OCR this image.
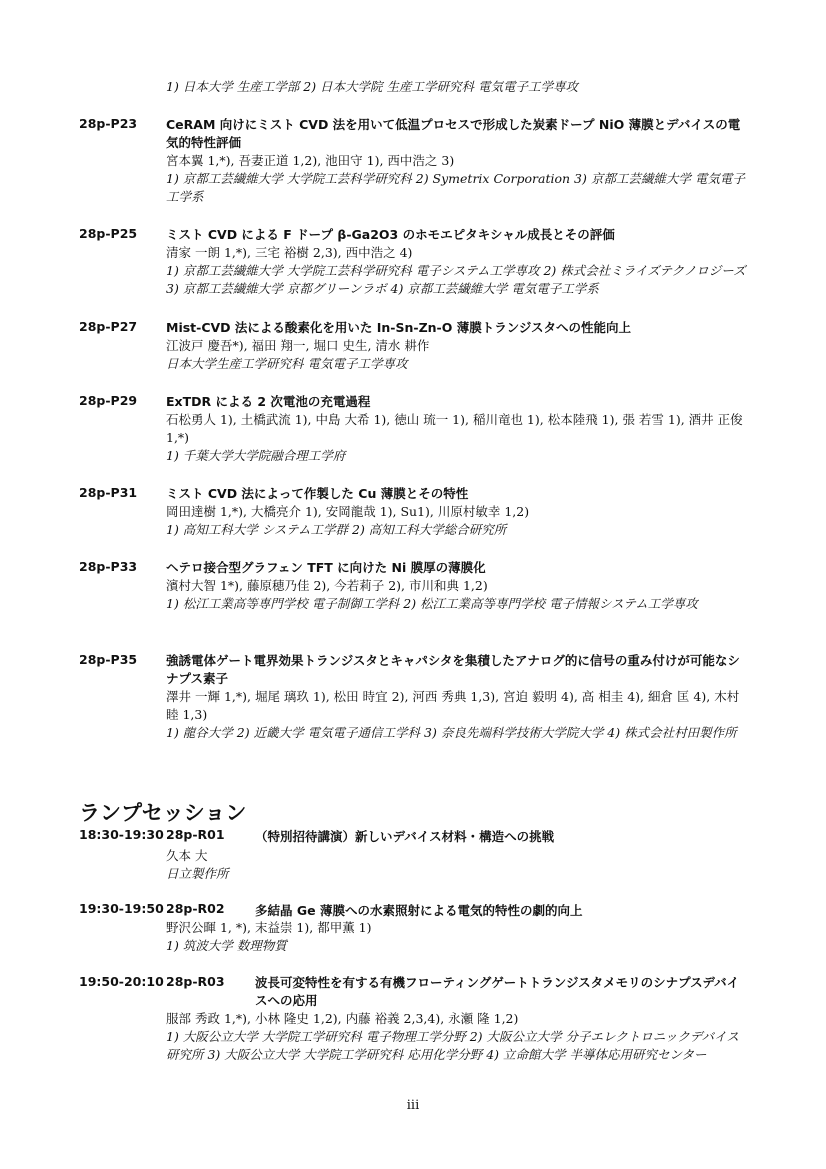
1) 日本大学 生産工学部 2) 日本大学院 生産工学研究科 電気電子工学専攻
28p-P23 CeRAM 向けにミスト CVD 法を用いて低温プロセスで形成した炭素ドープ NiO 薄膜とデバイスの電気的特性評価
宮本翼 1,*), 吾妻正道 1,2), 池田守 1), 西中浩之 3)
1) 京都工芸繊維大学 大学院工芸科学研究科 2) Symetrix Corporation 3) 京都工芸繊維大学 電気電子工学系
28p-P25 ミスト CVD による F ドープ β-Ga2O3 のホモエピタキシャル成長とその評価
清家 一朗 1,*), 三宅 裕樹 2,3), 西中浩之 4)
1) 京都工芸繊維大学 大学院工芸科学研究科 電子システム工学専攻 2) 株式会社ミライズテクノロジーズ 3) 京都工芸繊維大学 京都グリーンラボ 4) 京都工芸繊維大学 電気電子工学系
28p-P27 Mist-CVD 法による酸素化を用いた In-Sn-Zn-O 薄膜トランジスタへの性能向上
江波戸 慶吾*), 福田 翔一, 堀口 史生, 清水 耕作
日本大学生産工学研究科 電気電子工学専攻
28p-P29 ExTDR による 2 次電池の充電過程
石松勇人 1), 土橋武流 1), 中島 大希 1), 徳山 琉一 1), 稲川竜也 1), 松本陸飛 1), 張 若雪 1), 酒井 正俊1,*)
1) 千葉大学大学院融合理工学府
28p-P31 ミスト CVD 法によって作製した Cu 薄膜とその特性
岡田達樹 1,*), 大橋亮介 1), 安岡龍哉 1), Su1), 川原村敏幸 1,2)
1) 高知工科大学 システム工学群 2) 高知工科大学総合研究所
28p-P33 ヘテロ接合型グラフェン TFT に向けた Ni 膜厚の薄膜化
濱村大智 1*), 藤原穂乃佳 2), 今若莉子 2), 市川和典 1,2)
1) 松江工業高等専門学校 電子制御工学科 2) 松江工業高等専門学校 電子情報システム工学専攻
28p-P35 強誘電体ゲート電界効果トランジスタとキャパシタを集積したアナログ的に信号の重み付けが可能なシナプス素子
澤井 一輝 1,*), 堀尾 璃玖 1), 松田 時宜 2), 河西 秀典 1,3), 宮迫 毅明 4), 高 相圭 4), 細倉 匡 4), 木村 睦 1,3)
1) 龍谷大学 2) 近畿大学 電気電子通信工学科 3) 奈良先端科学技術大学院大学 4) 株式会社村田製作所
ランプセッション
18:30-19:30 28p-R01 （特別招待講演）新しいデバイス材料・構造への挑戦
久本 大
日立製作所
19:30-19:50 28p-R02 多結晶 Ge 薄膜への水素照射による電気的特性の劇的向上
野沢公暉 1, *), 末益崇 1), 都甲薫 1)
1) 筑波大学 数理物質
19:50-20:10 28p-R03 波長可変特性を有する有機フローティングゲートトランジスタメモリのシナプスデバイスへの応用
服部 秀政 1,*), 小林 隆史 1,2), 内藤 裕義 2,3,4), 永瀬 隆 1,2)
1) 大阪公立大学 大学院工学研究科 電子物理工学分野 2) 大阪公立大学 分子エレクトロニックデバイス研究所 3) 大阪公立大学 大学院工学研究科 応用化学分野 4) 立命館大学 半導体応用研究センター
iii
